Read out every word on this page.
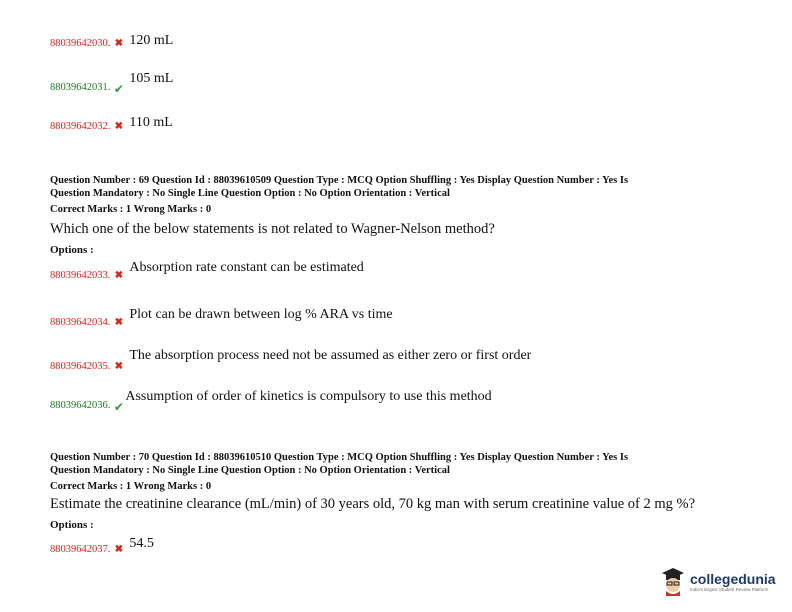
88039642030. ✖ 120 mL
88039642031. ✔
105 mL
88039642032. ✖ 110 mL
Question Number : 69 Question Id : 88039610509 Question Type : MCQ Option Shuffling : Yes Display Question Number : Yes Is
Question Mandatory : No Single Line Question Option : No Option Orientation : Vertical
Correct Marks : 1 Wrong Marks : 0
Which one of the below statements is not related to Wagner-Nelson method?
Options :
88039642033. ✖
Absorption rate constant can be estimated
88039642034. ✖
Plot can be drawn between log % ARA vs time
88039642035. ✖
The absorption process need not be assumed as either zero or first order
88039642036. ✔
Assumption of order of kinetics is compulsory to use this method
Question Number : 70 Question Id : 88039610510 Question Type : MCQ Option Shuffling : Yes Display Question Number : Yes Is
Question Mandatory : No Single Line Question Option : No Option Orientation : Vertical
Correct Marks : 1 Wrong Marks : 0
Estimate the creatinine clearance (mL/min) of 30 years old, 70 kg man with serum creatinine value of 2 mg %?
Options :
88039642037. ✖ 54.5
collegedunia
India's largest Student Review Platform
